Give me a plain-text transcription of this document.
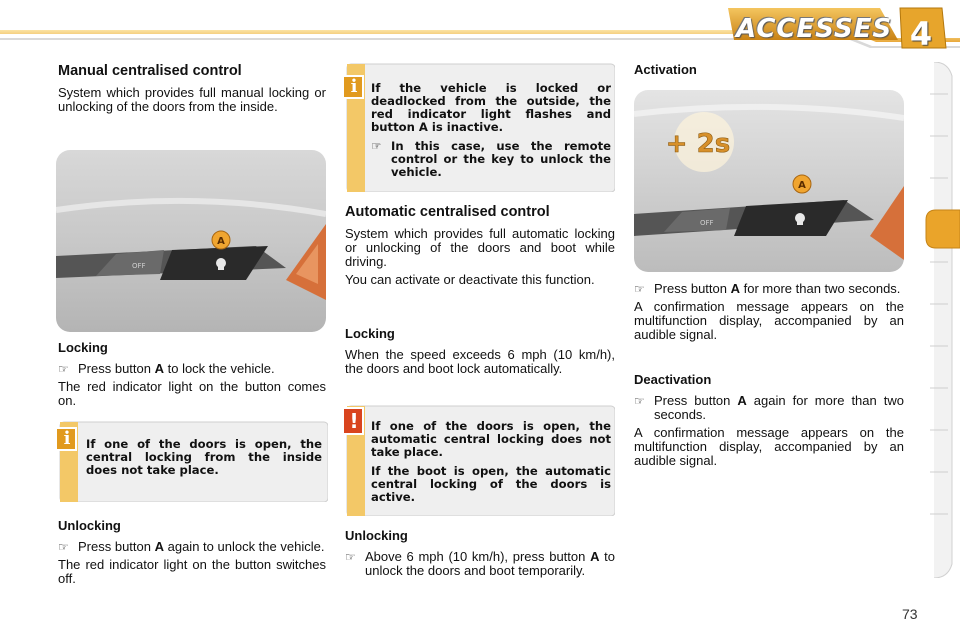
ACCESSES 4
Manual centralised control

System which provides full manual locking or unlocking of the doors from the inside.

OFF
A
Locking
☞ Press button A to lock the vehicle.

The red indicator light on the button comes on.

i	If one of the doors is open, the central locking from the inside does not take place.
Unlocking
☞ Press button A again to unlock the vehicle.

The red indicator light on the button switches off.

i	If the vehicle is locked or deadlocked from the outside, the red indicator light flashes and button A is inactive.

☞ In this case, use the remote control or the key to unlock the vehicle.
Automatic centralised control

System which provides full automatic locking or unlocking of the doors and boot while driving.

You can activate or deactivate this function.

Locking

When the speed exceeds 6 mph (10 km/h), the doors and boot lock automatically.

! If one of the doors is open, the automatic central locking does not take place.

If the boot is open, the automatic central locking of the doors is active.

Unlocking
☞ Above 6 mph (10 km/h), press button A to unlock the doors and boot temporarily.
Activation
+ 2s
OFF
A
☞ Press button A for more than two seconds.

A confirmation message appears on the multifunction display, accompanied by an audible signal.

Deactivation
☞ Press button A again for more than two seconds.

A confirmation message appears on the multifunction display, accompanied by an audible signal.

73
